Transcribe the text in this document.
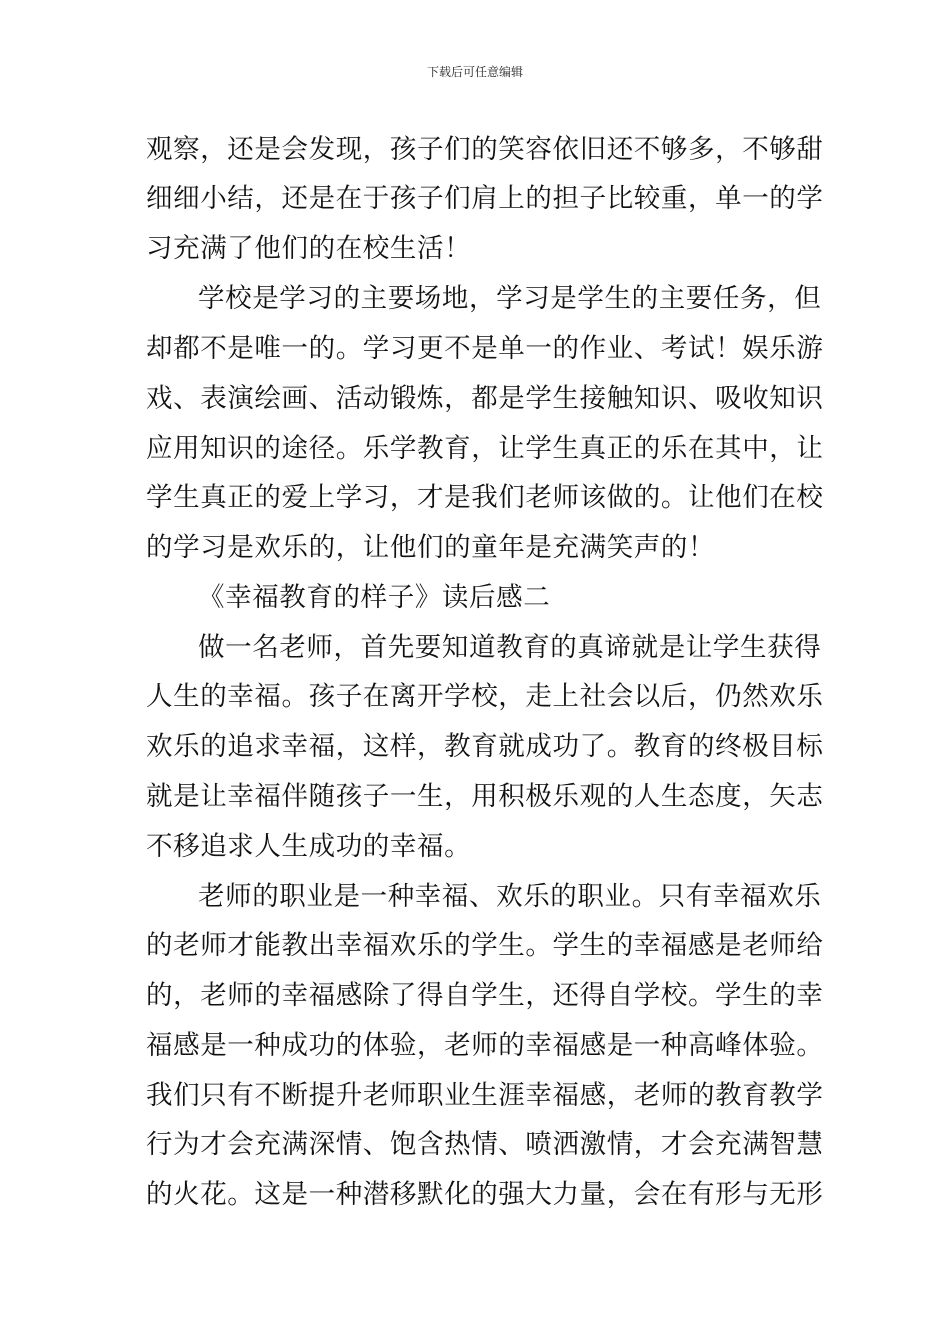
下载后可任意编辑
观察，还是会发现，孩子们的笑容依旧还不够多，不够甜
细细小结，还是在于孩子们肩上的担子比较重，单一的学
习充满了他们的在校生活！
学校是学习的主要场地，学习是学生的主要任务，但
却都不是唯一的。学习更不是单一的作业、考试！娱乐游
戏、表演绘画、活动锻炼，都是学生接触知识、吸收知识
应用知识的途径。乐学教育，让学生真正的乐在其中，让
学生真正的爱上学习，才是我们老师该做的。让他们在校
的学习是欢乐的，让他们的童年是充满笑声的！
《幸福教育的样子》读后感二
做一名老师，首先要知道教育的真谛就是让学生获得
人生的幸福。孩子在离开学校，走上社会以后，仍然欢乐
欢乐的追求幸福，这样，教育就成功了。教育的终极目标
就是让幸福伴随孩子一生，用积极乐观的人生态度，矢志
不移追求人生成功的幸福。
老师的职业是一种幸福、欢乐的职业。只有幸福欢乐
的老师才能教出幸福欢乐的学生。学生的幸福感是老师给
的，老师的幸福感除了得自学生，还得自学校。学生的幸
福感是一种成功的体验，老师的幸福感是一种高峰体验。
我们只有不断提升老师职业生涯幸福感，老师的教育教学
行为才会充满深情、饱含热情、喷洒激情，才会充满智慧
的火花。这是一种潜移默化的强大力量，会在有形与无形
